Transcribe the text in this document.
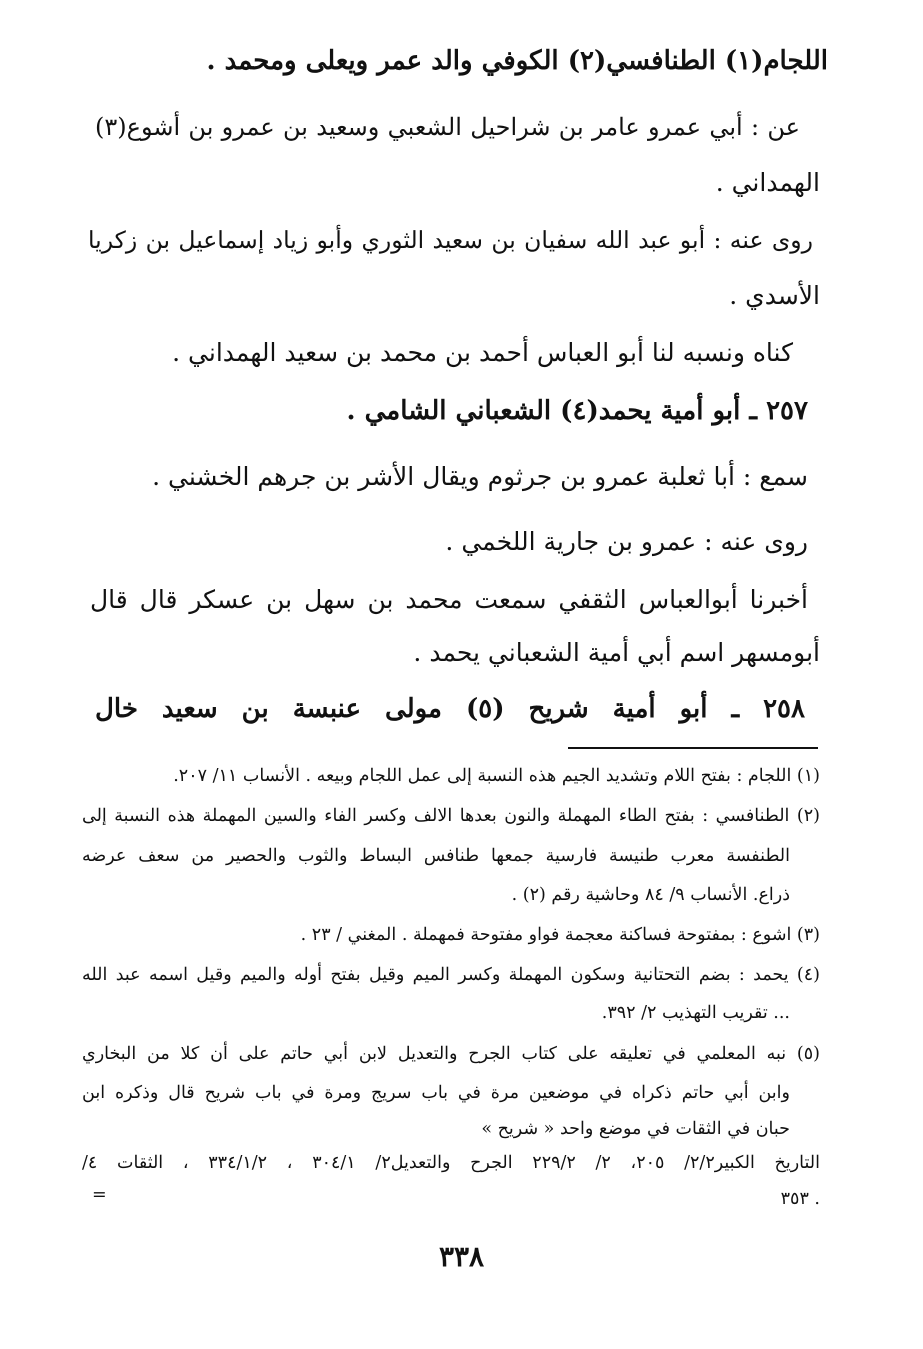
اللجام(١) الطنافسي(٢) الكوفي والد عمر ويعلى ومحمد .
عن : أبي عمرو عامر بن شراحيل الشعبي وسعيد بن عمرو بن أشوع(٣)
الهمداني .
روى عنه : أبو عبد الله سفيان بن سعيد الثوري وأبو زياد إسماعيل بن زكريا
الأسدي .
كناه ونسبه لنا أبو العباس أحمد بن محمد بن سعيد الهمداني .
٢٥٧ ـ أبو أمية يحمد(٤) الشعباني الشامي .
سمع : أبا ثعلبة عمرو بن جرثوم ويقال الأشر بن جرهم الخشني .
روى عنه : عمرو بن جارية اللخمي .
أخبرنا أبوالعباس الثقفي سمعت محمد بن سهل بن عسكر قال قال
أبومسهر اسم أبي أمية الشعباني يحمد .
٢٥٨ ـ أبو أمية شريح (٥) مولى عنبسة بن سعيد خال
(١) اللجام : بفتح اللام وتشديد الجيم هذه النسبة إلى عمل اللجام وبيعه . الأنساب ١١/ ٢٠٧.
(٢) الطنافسي : بفتح الطاء المهملة والنون بعدها الالف وكسر الفاء والسين المهملة هذه النسبة إلى
الطنفسة معرب طنيسة فارسية جمعها طنافس البساط والثوب والحصير من سعف عرضه
ذراع. الأنساب ٩/ ٨٤ وحاشية رقم (٢) .
(٣) اشوع : بمفتوحة فساكنة معجمة فواو مفتوحة فمهملة . المغني / ٢٣ .
(٤) يحمد : بضم التحتانية وسكون المهملة وكسر الميم وقيل بفتح أوله والميم وقيل اسمه عبد الله
... تقريب التهذيب ٢/ ٣٩٢.
(٥) نبه المعلمي في تعليقه على كتاب الجرح والتعديل لابن أبي حاتم على أن كلا من البخاري
وابن أبي حاتم ذكراه في موضعين مرة في باب سريج ومرة في باب شريح قال وذكره ابن
حبان في الثقات في موضع واحد « شريح »
التاريخ الكبير٢/٢/ ٢٠٥، ٢/ ٢٢٩/٢ الجرح والتعديل٢/ ٣٠٤/١ ، ٣٣٤/١/٢ ، الثقات ٤/
. ٣٥٣
=
٣٣٨
